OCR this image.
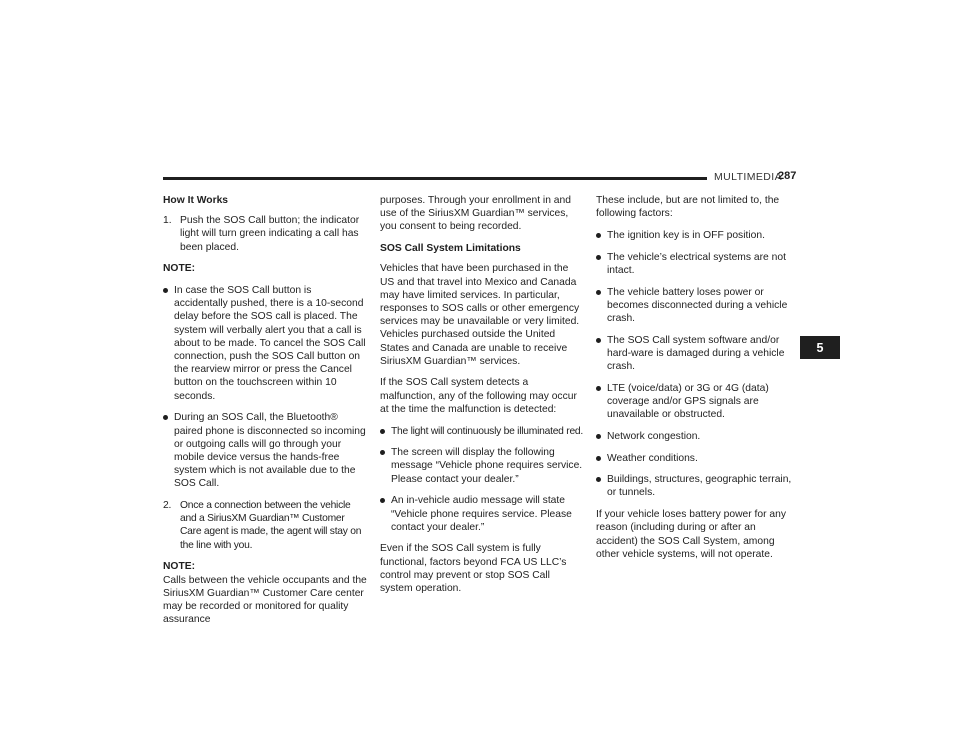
MULTIMEDIA
287
5

How It Works

1. Push the SOS Call button; the indicator light will turn green indicating a call has been placed.

NOTE:

In case the SOS Call button is accidentally pushed, there is a 10-second delay before the SOS call is placed. The system will verbally alert you that a call is about to be made. To cancel the SOS Call connection, push the SOS Call button on the rearview mirror or press the Cancel button on the touchscreen within 10 seconds.
During an SOS Call, the Bluetooth® paired phone is disconnected so incoming or outgoing calls will go through your mobile device versus the hands-free system which is not available due to the SOS Call.
2. Once a connection between the vehicle and a SiriusXM Guardian™ Customer Care agent is made, the agent will stay on the line with you.

NOTE:

Calls between the vehicle occupants and the SiriusXM Guardian™ Customer Care center may be recorded or monitored for quality assurance

purposes. Through your enrollment in and use of the SiriusXM Guardian™ services, you consent to being recorded.

SOS Call System Limitations

Vehicles that have been purchased in the US and that travel into Mexico and Canada may have limited services. In particular, responses to SOS calls or other emergency services may be unavailable or very limited. Vehicles purchased outside the United States and Canada are unable to receive SiriusXM Guardian™ services.

If the SOS Call system detects a malfunction, any of the following may occur at the time the malfunction is detected:

The light will continuously be illuminated red.
The screen will display the following message “Vehicle phone requires service. Please contact your dealer.”
An in-vehicle audio message will state “Vehicle phone requires service. Please contact your dealer.”

Even if the SOS Call system is fully functional, factors beyond FCA US LLC’s control may prevent or stop SOS Call system operation.

These include, but are not limited to, the following factors:

The ignition key is in OFF position.
The vehicle’s electrical systems are not intact.
The vehicle battery loses power or becomes disconnected during a vehicle crash.
The SOS Call system software and/or hard-ware is damaged during a vehicle crash.
LTE (voice/data) or 3G or 4G (data) coverage and/or GPS signals are unavailable or obstructed.
Network congestion.
Weather conditions.
Buildings, structures, geographic terrain, or tunnels.

If your vehicle loses battery power for any reason (including during or after an accident) the SOS Call System, among other vehicle systems, will not operate.
